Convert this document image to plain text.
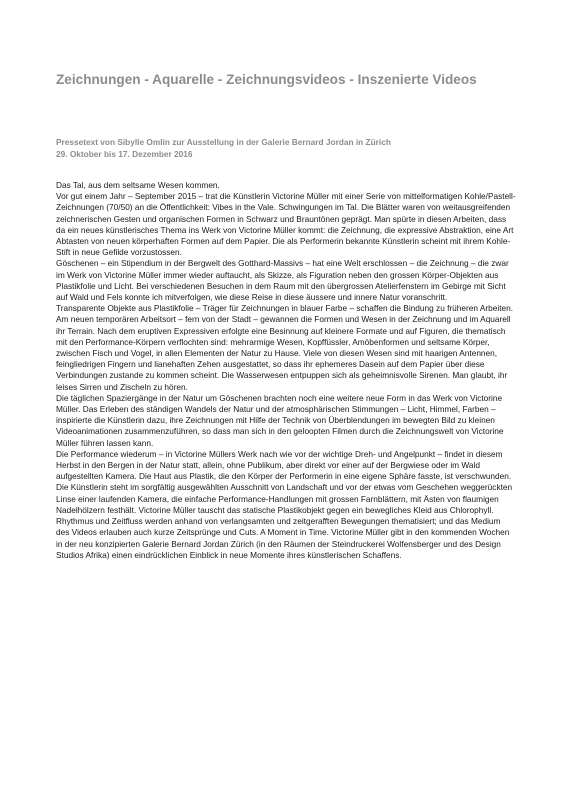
Zeichnungen - Aquarelle - Zeichnungsvideos - Inszenierte Videos
Pressetext von Sibylle Omlin zur Ausstellung in der Galerie Bernard Jordan in Zürich
29. Oktober bis 17. Dezember 2016

Das Tal, aus dem seltsame Wesen kommen.

Vor gut einem Jahr – September 2015 – trat die Künstlerin Victorine Müller mit einer Serie von mittelformatigen Kohle/Pastell-Zeichnungen (70/50) an die Öffentlichkeit: Vibes in the Vale. Schwingungen im Tal. Die Blätter waren von weitausgreifenden zeichnerischen Gesten und organischen Formen in Schwarz und Brauntönen geprägt. Man spürte in diesen Arbeiten, dass da ein neues künstlerisches Thema ins Werk von Victorine Müller kommt: die Zeichnung, die expressive Abstraktion, eine Art Abtasten von neuen körperhaften Formen auf dem Papier. Die als Performerin bekannte Künstlerin scheint mit ihrem Kohle-Stift in neue Gefilde vorzustossen.

Göschenen – ein Stipendium in der Bergwelt des Gotthard-Massivs – hat eine Welt erschlossen – die Zeichnung – die zwar im Werk von Victorine Müller immer wieder auftaucht, als Skizze, als Figuration neben den grossen Körper-Objekten aus Plastikfolie und Licht. Bei verschiedenen Besuchen in dem Raum mit den übergrossen Atelierfenstern im Gebirge mit Sicht auf Wald und Fels konnte ich mitverfolgen, wie diese Reise in diese äussere und innere Natur voranschritt.

Transparente Objekte aus Plastikfolie – Träger für Zeichnungen in blauer Farbe – schaffen die Bindung zu früheren Arbeiten.

Am neuen temporären Arbeitsort – fern von der Stadt – gewannen die Formen und Wesen in der Zeichnung und im Aquarell ihr Terrain. Nach dem eruptiven Expressiven erfolgte eine Besinnung auf kleinere Formate und auf Figuren, die thematisch mit den Performance-Körpern verflochten sind: mehrarmige Wesen, Kopffüssler, Amöbenformen und seltsame Körper, zwischen Fisch und Vogel, in allen Elementen der Natur zu Hause. Viele von diesen Wesen sind mit haarigen Antennen, feingliedrigen Fingern und lianehaften Zehen ausgestattet, so dass ihr ephemeres Dasein auf dem Papier über diese Verbindungen zustande zu kommen scheint. Die Wasserwesen entpuppen sich als geheimnisvolle Sirenen. Man glaubt, ihr leises Sirren und Zischeln zu hören.

Die täglichen Spaziergänge in der Natur um Göschenen brachten noch eine weitere neue Form in das Werk von Victorine Müller. Das Erleben des ständigen Wandels der Natur und der atmosphärischen Stimmungen – Licht, Himmel, Farben – inspirierte die Künstlerin dazu, ihre Zeichnungen mit Hilfe der Technik von Überblendungen im bewegten Bild zu kleinen Videoanimationen zusammenzuführen, so dass man sich in den geloopten Filmen durch die Zeichnungswelt von Victorine Müller führen lassen kann.

Die Performance wiederum – in Victorine Müllers Werk nach wie vor der wichtige Dreh- und Angelpunkt – findet in diesem Herbst in den Bergen in der Natur statt, allein, ohne Publikum, aber direkt vor einer auf der Bergwiese oder im Wald aufgestellten Kamera. Die Haut aus Plastik, die den Körper der Performerin in eine eigene Sphäre fasste, ist verschwunden. Die Künstlerin steht im sorgfältig ausgewählten Ausschnitt von Landschaft und vor der etwas vom Geschehen weggerückten Linse einer laufenden Kamera, die einfache Performance-Handlungen mit grossen Farnblättern, mit Ästen von flaumigen Nadelhölzern festhält. Victorine Müller tauscht das statische Plastikobjekt gegen ein bewegliches Kleid aus Chlorophyll. Rhythmus und Zeitfluss werden anhand von verlangsamten und zeitgerafften Bewegungen thematisiert; und das Medium des Videos erlauben auch kurze Zeitsprünge und Cuts. A Moment in Time. Victorine Müller gibt in den kommenden Wochen in der neu konzipierten Galerie Bernard Jordan Zürich (in den Räumen der Steindruckerei Wolfensberger und des Design Studios Afrika) einen eindrücklichen Einblick in neue Momente ihres künstlerischen Schaffens.
